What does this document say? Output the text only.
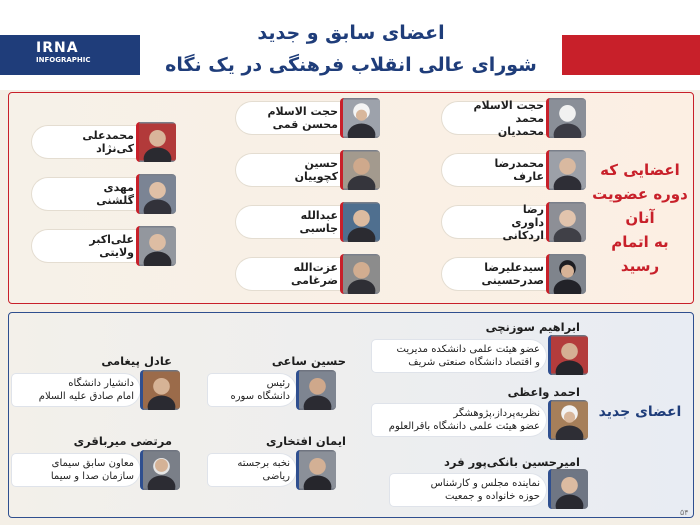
IRNA
INFOGRAPHIC
اعضای سابق و جدید
شورای عالی انقلاب فرهنگی در یک نگاه
اعضایی که
دوره عضویت آنان
به اتمام رسید
حجت الاسلام
محمد محمدیان
محمدرضا عارف
رضا
داوری اردکانی
سیدعلیرضا
صدرحسینی
حجت الاسلام
محسن قمی
حسین کچوییان
عبدالله جاسبی
عزت‌الله
ضرغامی
محمدعلی
کی‌نژاد
مهدی گلشنی
علی‌اکبر ولایتی
اعضای جدید
ابراهیم سوزنچی
عضو هیئت علمی دانشکده مدیریت
و اقتصاد دانشگاه صنعتی شریف
احمد واعظی
نظریه‌پرداز،پژوهشگر
عضو هیئت علمی دانشگاه باقرالعلوم
امیرحسین بانکی‌پور فرد
نماینده مجلس و کارشناس
حوزه خانواده و جمعیت
حسین ساعی
رئیس
دانشگاه سوره
ایمان افتخاری
نخبه برجسته
ریاضی
عادل پیغامی
دانشیار دانشگاه
امام صادق علیه السلام
مرتضی میرباقری
معاون سابق سیمای
سازمان صدا و سیما
۵۴
